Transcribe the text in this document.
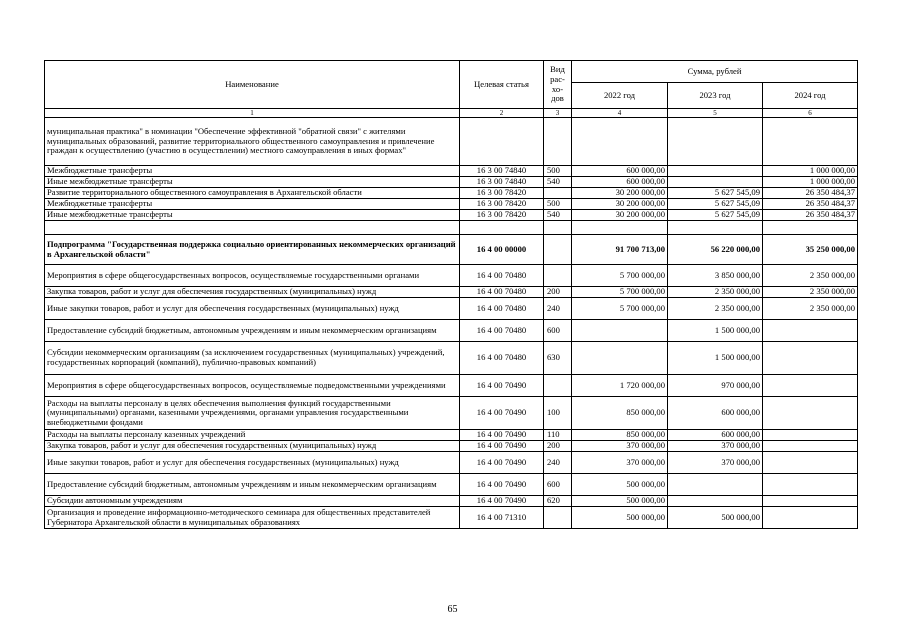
Наименование	Целевая статья	Вид рас-хо-дов	Сумма, рублей		
			2022 год	2023 год	2024 год
1	2	3	4	5	6
муниципальная практика" в номинации "Обеспечение эффективной "обратной связи" с жителями муниципальных образований, развитие территориального общественного самоуправления и привлечение граждан к осуществлению (участию в осуществлении) местного самоуправления в иных формах"					
Межбюджетные трансферты	16 3 00 74840	500	600 000,00		1 000 000,00
Иные межбюджетные трансферты	16 3 00 74840	540	600 000,00		1 000 000,00
Развитие территориального общественного самоуправления в Архангельской области	16 3 00 78420		30 200 000,00	5 627 545,09	26 350 484,37
Межбюджетные трансферты	16 3 00 78420	500	30 200 000,00	5 627 545,09	26 350 484,37
Иные межбюджетные трансферты	16 3 00 78420	540	30 200 000,00	5 627 545,09	26 350 484,37

Подпрограмма "Государственная поддержка социально ориентированных некоммерческих организаций в Архангельской области"	16 4 00 00000		91 700 713,00	56 220 000,00	35 250 000,00
Мероприятия в сфере общегосударственных вопросов, осуществляемые государственными органами	16 4 00 70480		5 700 000,00	3 850 000,00	2 350 000,00
Закупка товаров, работ и услуг для обеспечения государственных (муниципальных) нужд	16 4 00 70480	200	5 700 000,00	2 350 000,00	2 350 000,00
Иные закупки товаров, работ и услуг для обеспечения государственных (муниципальных) нужд	16 4 00 70480	240	5 700 000,00	2 350 000,00	2 350 000,00
Предоставление субсидий бюджетным, автономным учреждениям и иным некоммерческим организациям	16 4 00 70480	600		1 500 000,00	
Субсидии некоммерческим организациям (за исключением государственных (муниципальных) учреждений, государственных корпораций (компаний), публично-правовых компаний)	16 4 00 70480	630		1 500 000,00	
Мероприятия в сфере общегосударственных вопросов, осуществляемые подведомственными учреждениями	16 4 00 70490		1 720 000,00	970 000,00	
Расходы на выплаты персоналу в целях обеспечения выполнения функций государственными (муниципальными) органами, казенными учреждениями, органами управления государственными внебюджетными фондами	16 4 00 70490	100	850 000,00	600 000,00	
Расходы на выплаты персоналу казенных учреждений	16 4 00 70490	110	850 000,00	600 000,00	
Закупка товаров, работ и услуг для обеспечения государственных (муниципальных) нужд	16 4 00 70490	200	370 000,00	370 000,00	
Иные закупки товаров, работ и услуг для обеспечения государственных (муниципальных) нужд	16 4 00 70490	240	370 000,00	370 000,00	
Предоставление субсидий бюджетным, автономным учреждениям и иным некоммерческим организациям	16 4 00 70490	600	500 000,00		
Субсидии автономным учреждениям	16 4 00 70490	620	500 000,00		
Организация и проведение информационно-методического семинара для общественных представителей Губернатора Архангельской области в муниципальных образованиях	16 4 00 71310		500 000,00	500 000,00	
65
